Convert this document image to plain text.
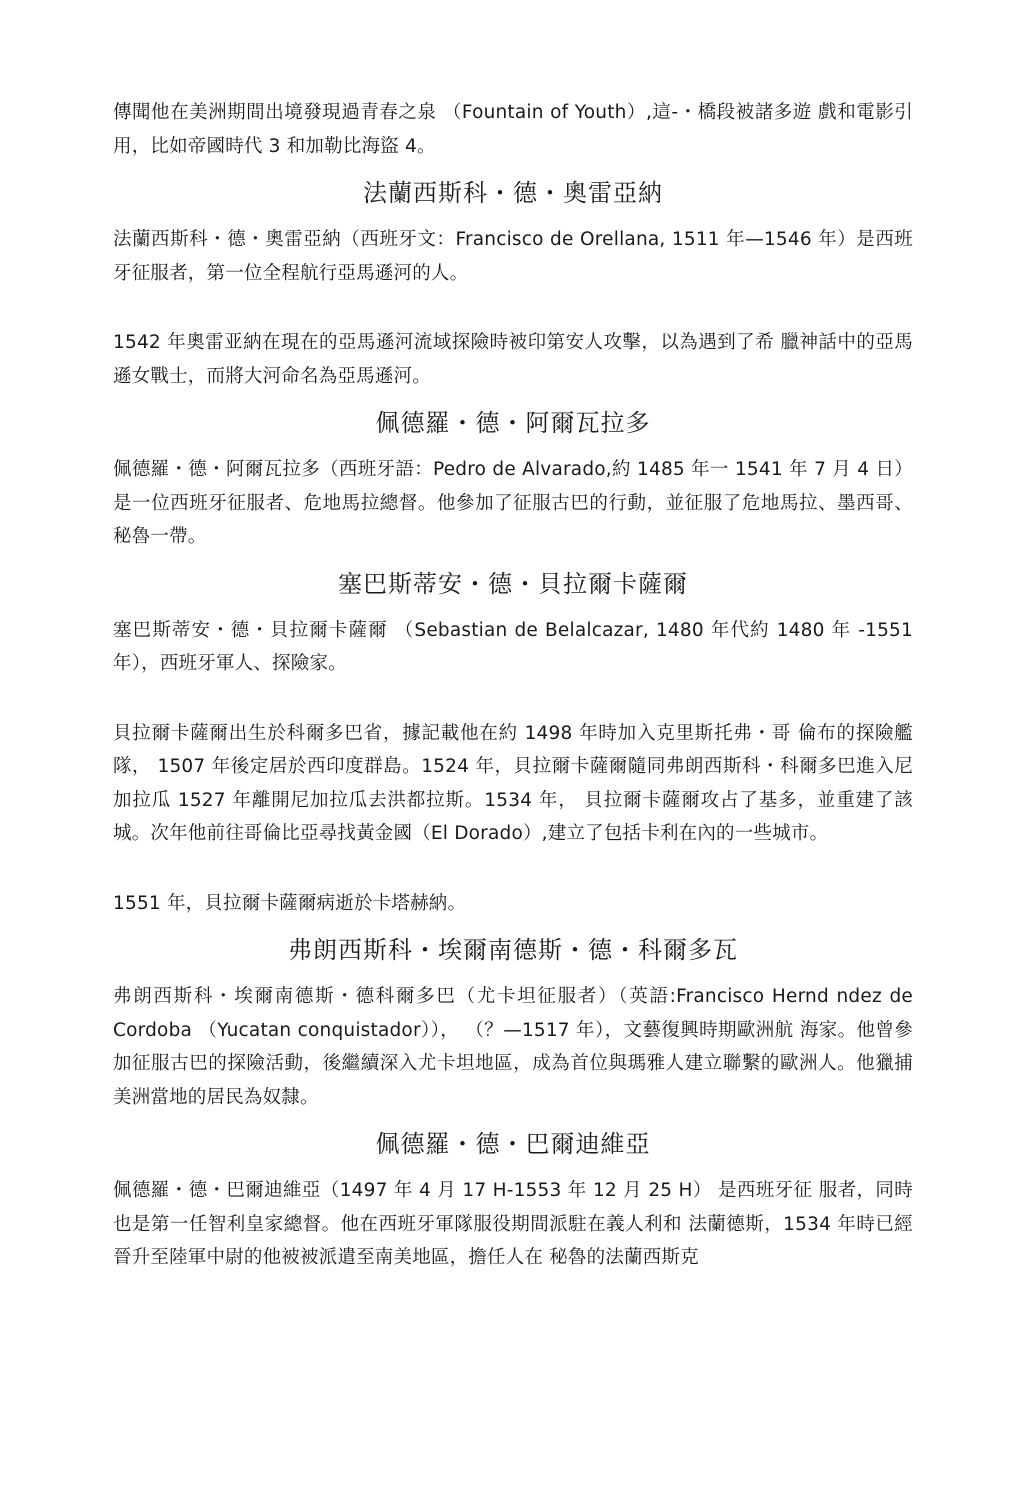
傳聞他在美洲期間出境發現過青春之泉 （Fountain of Youth）,這-・橋段被諸多遊 戲和電影引用，比如帝國時代 3 和加勒比海盜 4。

法蘭西斯科・德・奧雷亞納

法蘭西斯科・德・奧雷亞納（西班牙文：Francisco de Orellana, 1511 年—1546 年）是西班牙征服者，第一位全程航行亞馬遜河的人。

1542 年奧雷亚納在現在的亞馬遜河流域探險時被印第安人攻擊，以為遇到了希 臘神話中的亞馬遜女戰士，而將大河命名為亞馬遜河。

佩德羅・德・阿爾瓦拉多

佩德羅・德・阿爾瓦拉多（西班牙語：Pedro de Alvarado,約 1485 年一 1541 年 7 月 4 日）是一位西班牙征服者、危地馬拉總督。他參加了征服古巴的行動，並征服了危地馬拉、墨西哥、秘魯一帶。

塞巴斯蒂安・德・貝拉爾卡薩爾

塞巴斯蒂安・德・貝拉爾卡薩爾 （Sebastian de Belalcazar, 1480 年代約 1480 年 -1551 年），西班牙軍人、探險家。

貝拉爾卡薩爾出生於科爾多巴省，據記載他在約 1498 年時加入克里斯托弗・哥 倫布的探險艦隊， 1507 年後定居於西印度群島。1524 年，貝拉爾卡薩爾隨同弗朗西斯科・科爾多巴進入尼加拉瓜 1527 年離開尼加拉瓜去洪都拉斯。1534 年， 貝拉爾卡薩爾攻占了基多，並重建了該城。次年他前往哥倫比亞尋找黃金國（El Dorado）,建立了包括卡利在內的一些城市。

1551 年，貝拉爾卡薩爾病逝於卡塔赫納。

弗朗西斯科・埃爾南德斯・德・科爾多瓦

弗朗西斯科・埃爾南德斯・德科爾多巴（尤卡坦征服者）（英語:Francisco Hernd ndez de Cordoba （Yucatan conquistador））， （？—1517 年），文藝復興時期歐洲航 海家。他曾參加征服古巴的探險活動，後繼續深入尤卡坦地區，成為首位與瑪雅人建立聯繫的歐洲人。他獵捕美洲當地的居民為奴隸。

佩德羅・德・巴爾迪維亞

佩德羅・德・巴爾迪維亞（1497 年 4 月 17 H-1553 年 12 月 25 H） 是西班牙征 服者，同時也是第一任智利皇家總督。他在西班牙軍隊服役期間派駐在義人利和 法蘭德斯，1534 年時已經晉升至陸軍中尉的他被被派遣至南美地區，擔任人在 秘魯的法蘭西斯克
